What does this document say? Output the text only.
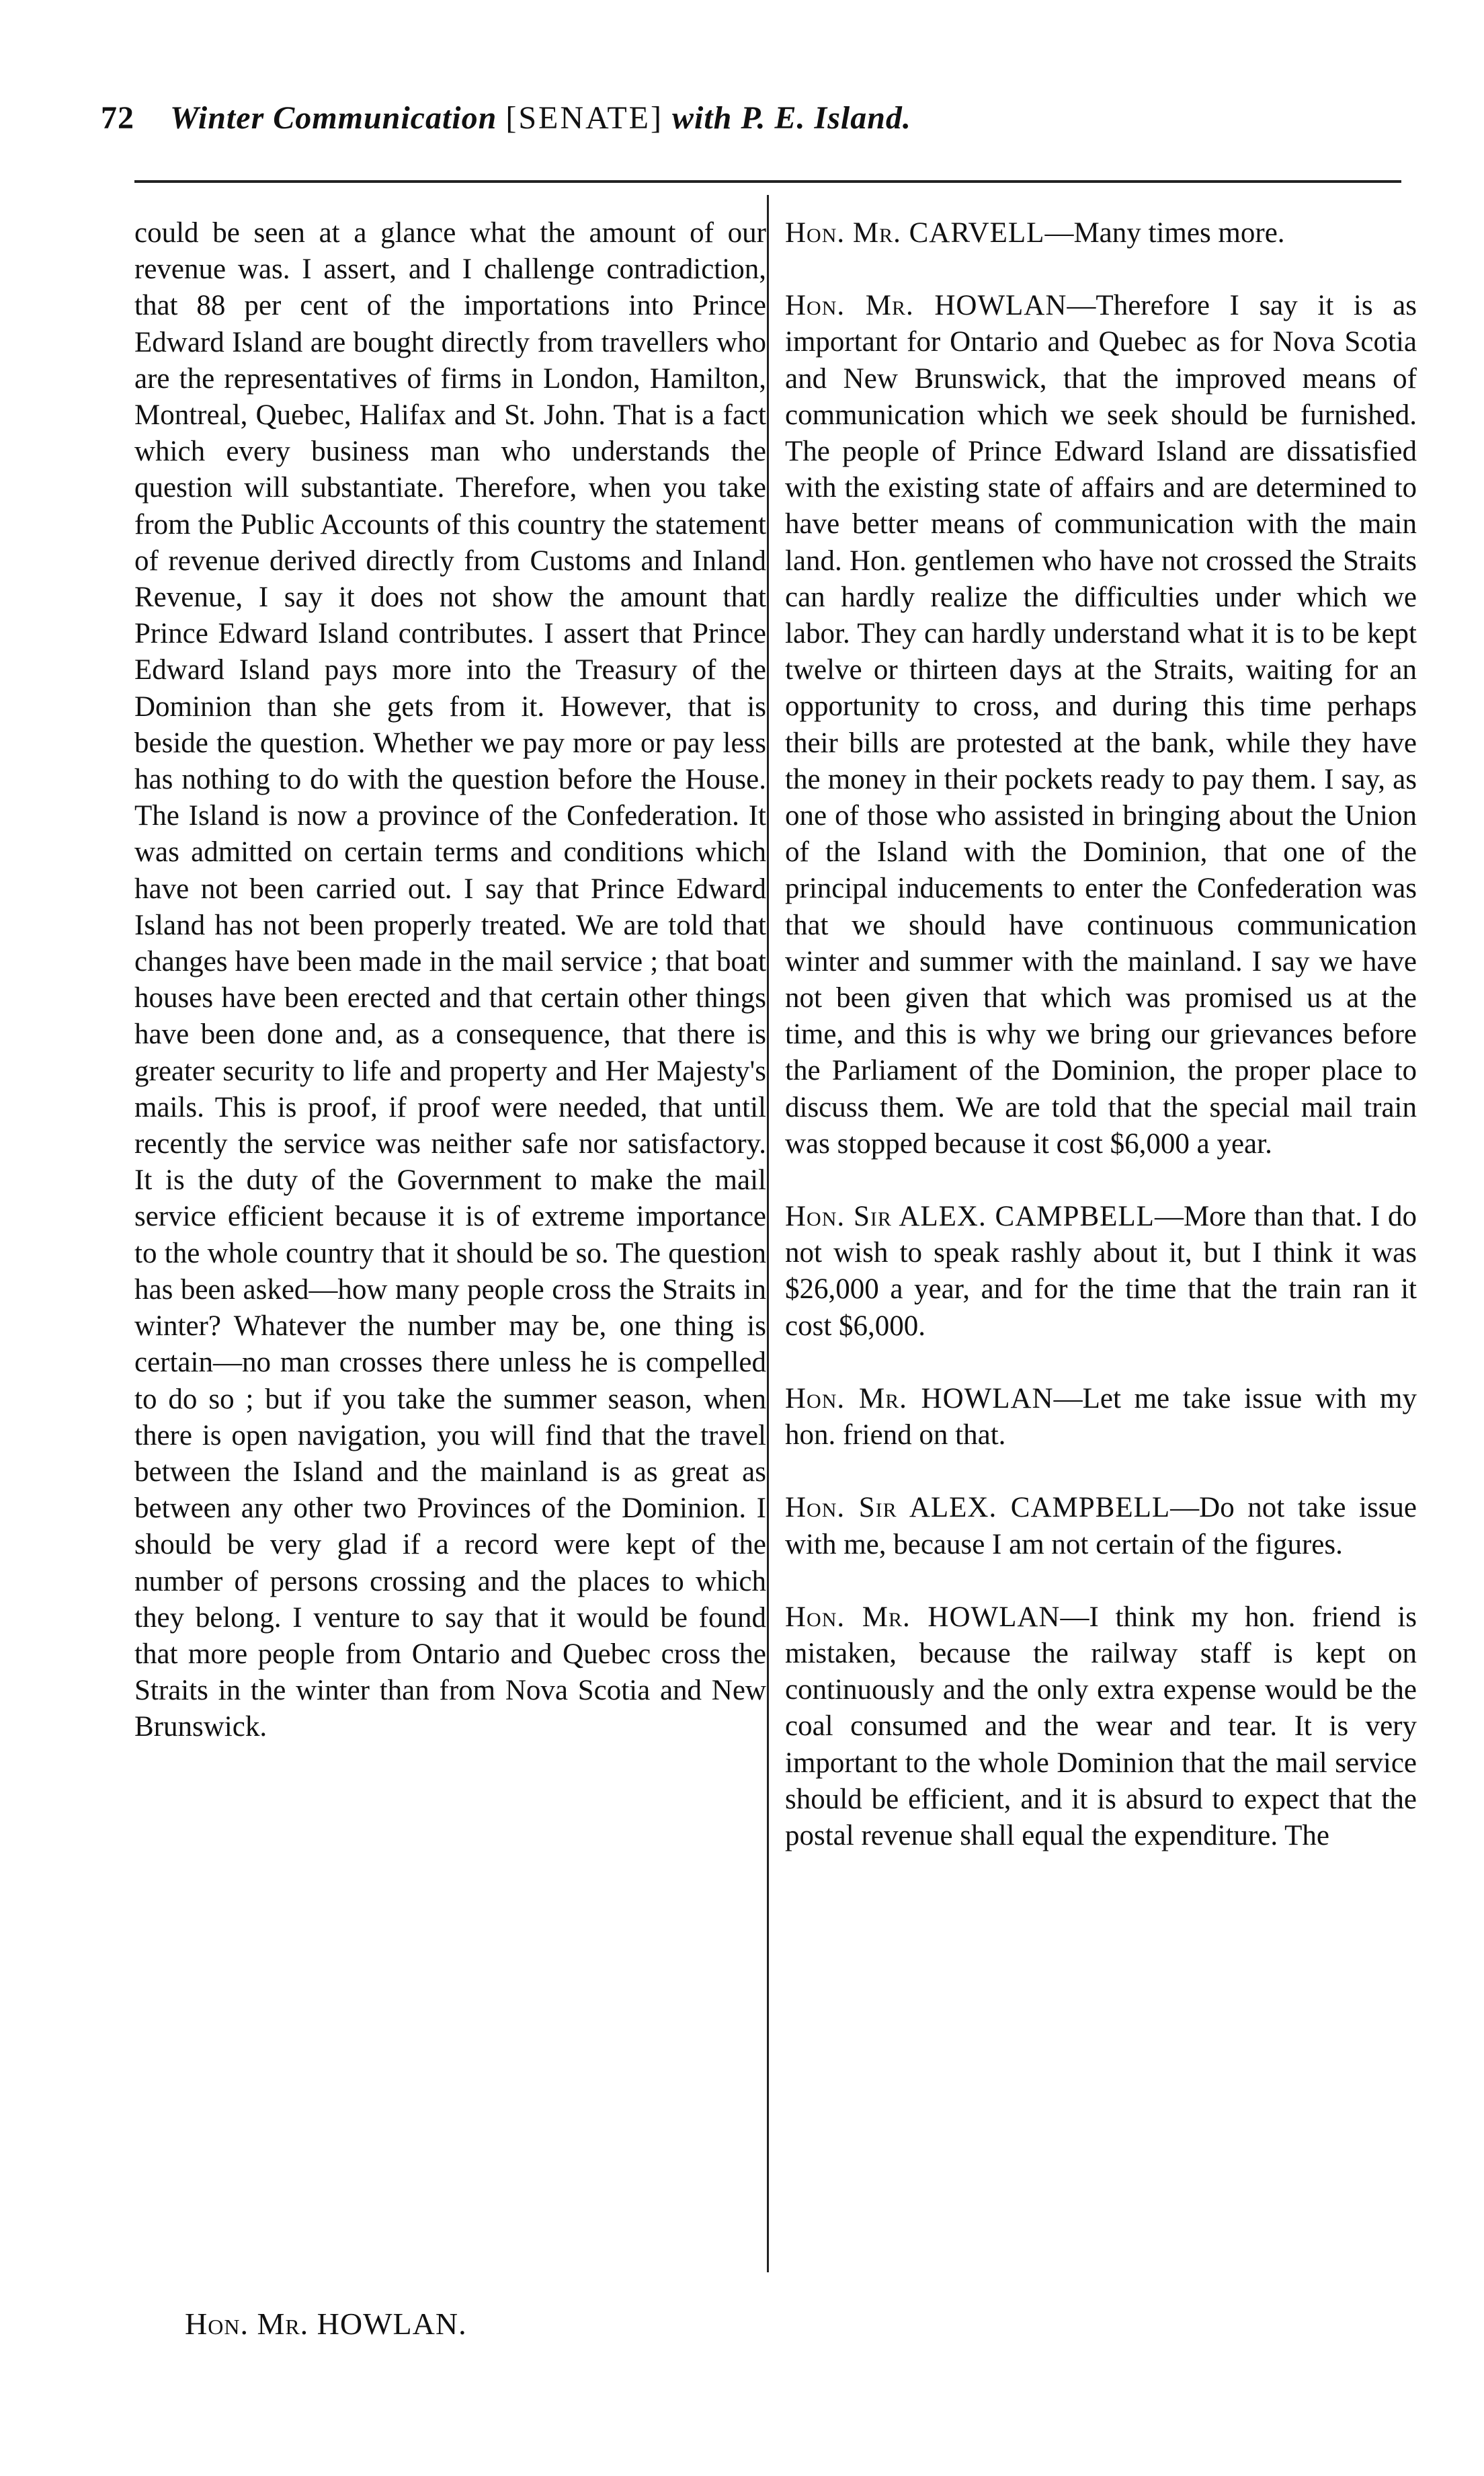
72 Winter Communication [SENATE] with P. E. Island.

could be seen at a glance what the amount of our revenue was. I assert, and I challenge contradiction, that 88 per cent of the importations into Prince Edward Island are bought directly from travellers who are the representatives of firms in London, Hamilton, Montreal, Quebec, Halifax and St. John. That is a fact which every business man who understands the question will substantiate. Therefore, when you take from the Public Accounts of this country the statement of revenue derived directly from Customs and Inland Revenue, I say it does not show the amount that Prince Edward Island contributes. I assert that Prince Edward Island pays more into the Treasury of the Dominion than she gets from it. However, that is beside the question. Whether we pay more or pay less has nothing to do with the question before the House. The Island is now a province of the Confederation. It was admitted on certain terms and conditions which have not been carried out. I say that Prince Edward Island has not been properly treated. We are told that changes have been made in the mail service ; that boat houses have been erected and that certain other things have been done and, as a consequence, that there is greater security to life and property and Her Majesty's mails. This is proof, if proof were needed, that until recently the service was neither safe nor satisfactory. It is the duty of the Government to make the mail service efficient because it is of extreme importance to the whole country that it should be so. The question has been asked—how many people cross the Straits in winter? Whatever the number may be, one thing is certain—no man crosses there unless he is compelled to do so ; but if you take the summer season, when there is open navigation, you will find that the travel between the Island and the mainland is as great as between any other two Provinces of the Dominion. I should be very glad if a record were kept of the number of persons crossing and the places to which they belong. I venture to say that it would be found that more people from Ontario and Quebec cross the Straits in the winter than from Nova Scotia and New Brunswick.

Hon. Mr. CARVELL—Many times more.

Hon. Mr. HOWLAN—Therefore I say it is as important for Ontario and Quebec as for Nova Scotia and New Brunswick, that the improved means of communication which we seek should be furnished. The people of Prince Edward Island are dissatisfied with the existing state of affairs and are determined to have better means of communication with the main land. Hon. gentlemen who have not crossed the Straits can hardly realize the difficulties under which we labor. They can hardly understand what it is to be kept twelve or thirteen days at the Straits, waiting for an opportunity to cross, and during this time perhaps their bills are protested at the bank, while they have the money in their pockets ready to pay them. I say, as one of those who assisted in bringing about the Union of the Island with the Dominion, that one of the principal inducements to enter the Confederation was that we should have continuous communication winter and summer with the mainland. I say we have not been given that which was promised us at the time, and this is why we bring our grievances before the Parliament of the Dominion, the proper place to discuss them. We are told that the special mail train was stopped because it cost $6,000 a year.

Hon. Sir ALEX. CAMPBELL—More than that. I do not wish to speak rashly about it, but I think it was $26,000 a year, and for the time that the train ran it cost $6,000.

Hon. Mr. HOWLAN—Let me take issue with my hon. friend on that.

Hon. Sir ALEX. CAMPBELL—Do not take issue with me, because I am not certain of the figures.

Hon. Mr. HOWLAN—I think my hon. friend is mistaken, because the railway staff is kept on continuously and the only extra expense would be the coal consumed and the wear and tear. It is very important to the whole Dominion that the mail service should be efficient, and it is absurd to expect that the postal revenue shall equal the expenditure. The

Hon. Mr. HOWLAN.
